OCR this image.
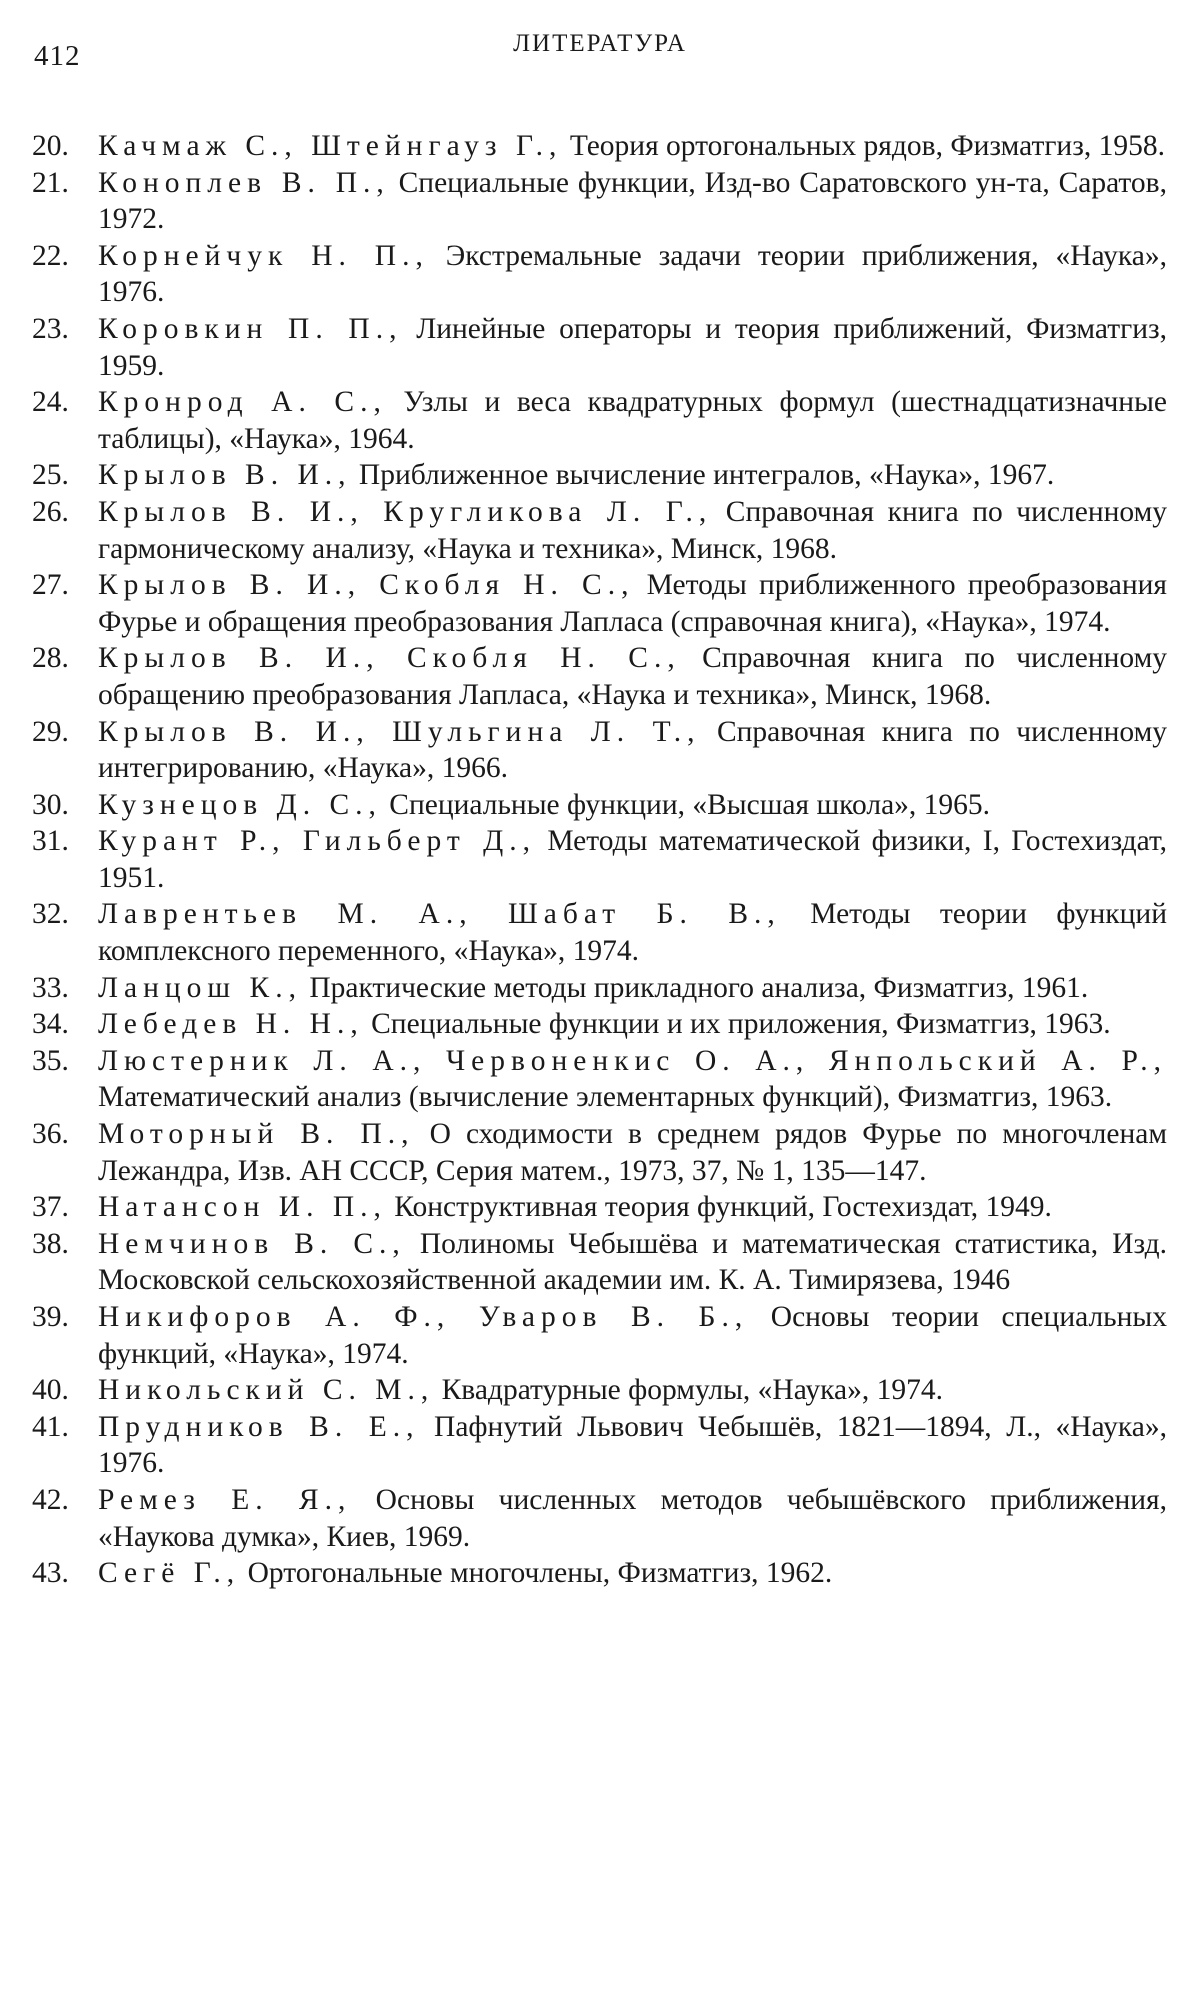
412	ЛИТЕРАТУРА
20. Качмаж С., Штейнгауз Г., Теория ортогональных рядов, Физматгиз, 1958.
21. Коноплев В. П., Специальные функции, Изд-во Саратовского ун-та, Саратов, 1972.
22. Корнейчук Н. П., Экстремальные задачи теории приближения, «Наука», 1976.
23. Коровкин П. П., Линейные операторы и теория приближений, Физматгиз, 1959.
24. Кронрод А. С., Узлы и веса квадратурных формул (шестнадцатизначные таблицы), «Наука», 1964.
25. Крылов В. И., Приближенное вычисление интегралов, «Наука», 1967.
26. Крылов В. И., Кругликова Л. Г., Справочная книга по численному гармоническому анализу, «Наука и техника», Минск, 1968.
27. Крылов В. И., Скобля Н. С., Методы приближенного преобразования Фурье и обращения преобразования Лапласа (справочная книга), «Наука», 1974.
28. Крылов В. И., Скобля Н. С., Справочная книга по численному обращению преобразования Лапласа, «Наука и техника», Минск, 1968.
29. Крылов В. И., Шульгина Л. Т., Справочная книга по численному интегрированию, «Наука», 1966.
30. Кузнецов Д. С., Специальные функции, «Высшая школа», 1965.
31. Курант Р., Гильберт Д., Методы математической физики, I, Гостехиздат, 1951.
32. Лаврентьев М. А., Шабат Б. В., Методы теории функций комплексного переменного, «Наука», 1974.
33. Ланцош К., Практические методы прикладного анализа, Физматгиз, 1961.
34. Лебедев Н. Н., Специальные функции и их приложения, Физматгиз, 1963.
35. Люстерник Л. А., Червоненкис О. А., Янпольский А. Р., Математический анализ (вычисление элементарных функций), Физматгиз, 1963.
36. Моторный В. П., О сходимости в среднем рядов Фурье по многочленам Лежандра, Изв. АН СССР, Серия матем., 1973, 37, № 1, 135—147.
37. Натансон И. П., Конструктивная теория функций, Гостехиздат, 1949.
38. Немчинов В. С., Полиномы Чебышёва и математическая статистика, Изд. Московской сельскохозяйственной академии им. К. А. Тимирязева, 1946
39. Никифоров А. Ф., Уваров В. Б., Основы теории специальных функций, «Наука», 1974.
40. Никольский С. М., Квадратурные формулы, «Наука», 1974.
41. Прудников В. Е., Пафнутий Львович Чебышёв, 1821—1894, Л., «Наука», 1976.
42. Ремез Е. Я., Основы численных методов чебышёвского приближения, «Наукова думка», Киев, 1969.
43. Сегё Г., Ортогональные многочлены, Физматгиз, 1962.
